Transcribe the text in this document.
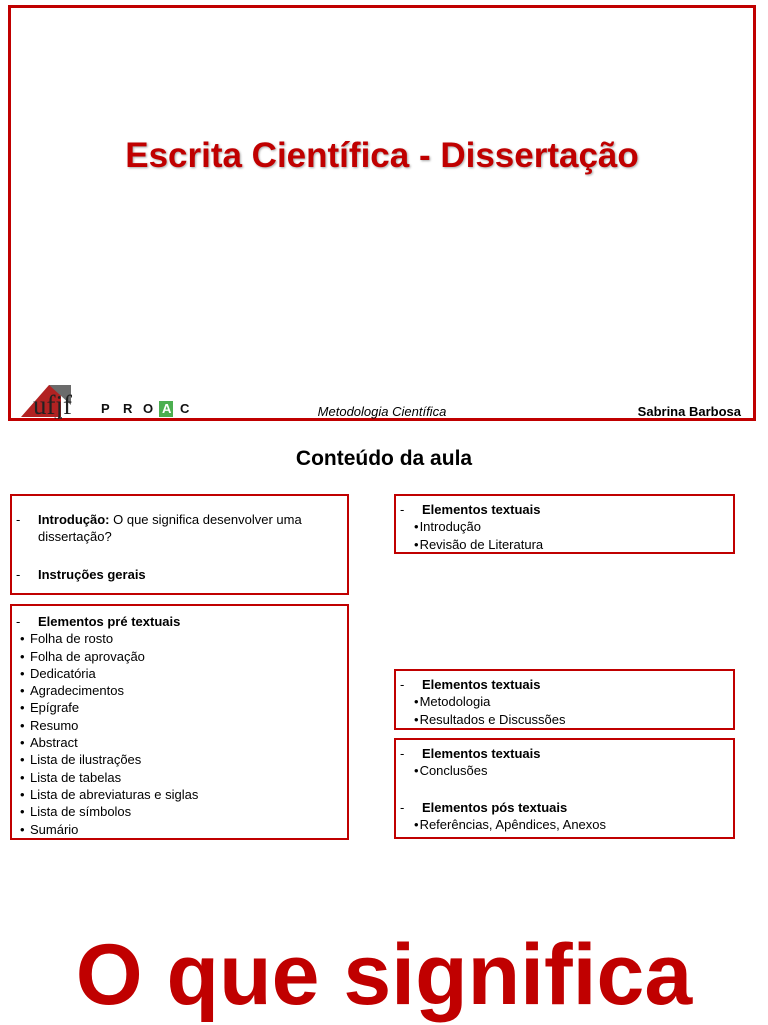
Escrita Científica - Dissertação
ufjf P R O A C	Metodologia Científica	Sabrina Barbosa
Conteúdo da aula
-	Introdução: O que significa desenvolver uma dissertação?
-	Instruções gerais
-	Elementos pré textuais
• Folha de rosto
• Folha de aprovação
• Dedicatória
• Agradecimentos
• Epígrafe
• Resumo
• Abstract
• Lista de ilustrações
• Lista de tabelas
• Lista de abreviaturas e siglas
• Lista de símbolos
• Sumário
-	Elementos textuais
• Introdução
• Revisão de Literatura
-	Elementos textuais
• Metodologia
• Resultados e Discussões
-	Elementos textuais
• Conclusões
-	Elementos pós textuais
• Referências, Apêndices, Anexos
O que significa
